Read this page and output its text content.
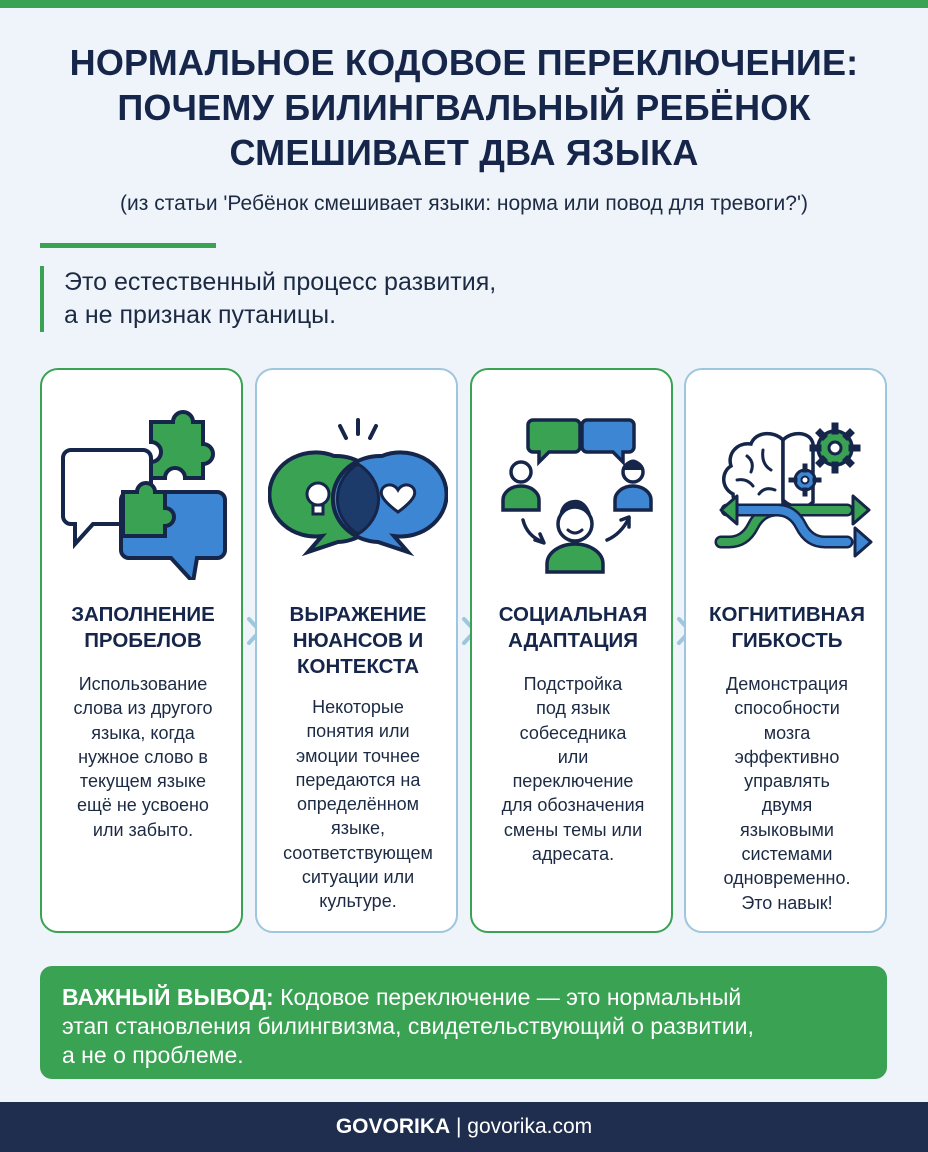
НОРМАЛЬНОЕ КОДОВОЕ ПЕРЕКЛЮЧЕНИЕ:
ПОЧЕМУ БИЛИНГВАЛЬНЫЙ РЕБЁНОК
СМЕШИВАЕТ ДВА ЯЗЫКА
(из статьи 'Ребёнок смешивает языки: норма или повод для тревоги?')
Это естественный процесс развития,
а не признак путаницы.
ЗАПОЛНЕНИЕ
ПРОБЕЛОВ
Использование
слова из другого
языка, когда
нужное слово в
текущем языке
ещё не усвоено
или забыто.
ВЫРАЖЕНИЕ
НЮАНСОВ И
КОНТЕКСТА
Некоторые
понятия или
эмоции точнее
передаются на
определённом
языке,
соответствующем
ситуации или
культуре.
СОЦИАЛЬНАЯ
АДАПТАЦИЯ
Подстройка
под язык
собеседника
или
переключение
для обозначения
смены темы или
адресата.
КОГНИТИВНАЯ
ГИБКОСТЬ
Демонстрация
способности
мозга
эффективно
управлять
двумя
языковыми
системами
одновременно.
Это навык!
ВАЖНЫЙ ВЫВОД: Кодовое переключение — это нормальный
этап становления билингвизма, свидетельствующий о развитии,
а не о проблеме.
GOVORIKA | govorika.com
